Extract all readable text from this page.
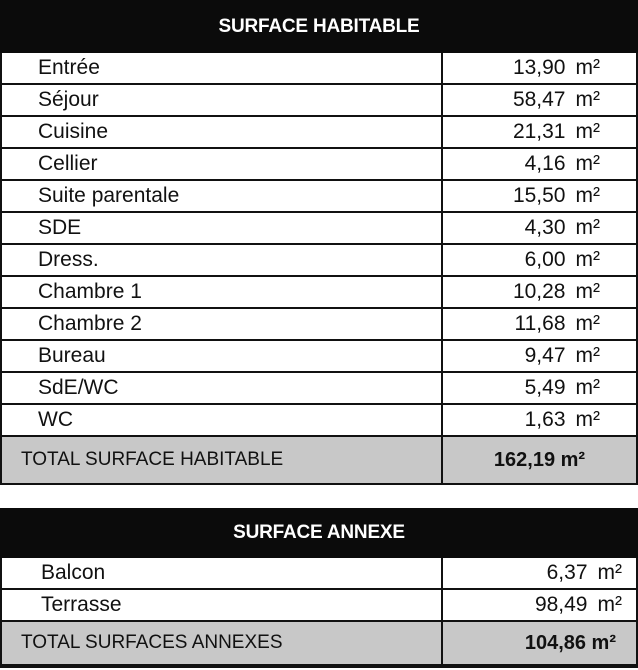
SURFACE HABITABLE
Entrée	13,90 m²
Séjour	58,47 m²
Cuisine	21,31 m²
Cellier	4,16 m²
Suite parentale	15,50 m²
SDE	4,30 m²
Dress.	6,00 m²
Chambre 1	10,28 m²
Chambre 2	11,68 m²
Bureau	9,47 m²
SdE/WC	5,49 m²
WC	1,63 m²
TOTAL SURFACE HABITABLE	162,19 m²
SURFACE ANNEXE
Balcon	6,37 m²
Terrasse	98,49 m²
TOTAL SURFACES ANNEXES	104,86 m²
